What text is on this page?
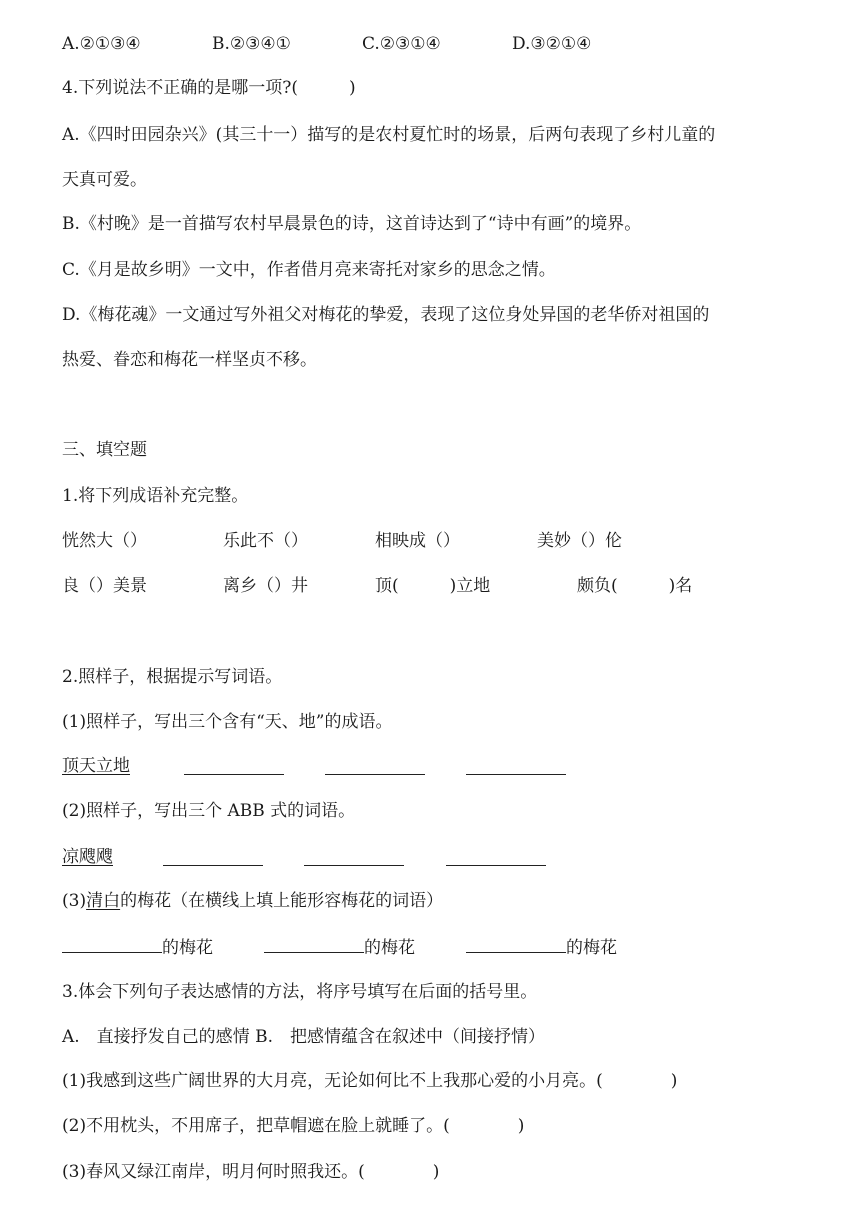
A.②①③④	B.②③④①	C.②③①④	D.③②①④
4.下列说法不正确的是哪一项?(　　　)
A.《四时田园杂兴》(其三十一）描写的是农村夏忙时的场景，后两句表现了乡村儿童的
天真可爱。
B.《村晚》是一首描写农村早晨景色的诗，这首诗达到了“诗中有画”的境界。
C.《月是故乡明》一文中，作者借月亮来寄托对家乡的思念之情。
D.《梅花魂》一文通过写外祖父对梅花的挚爱，表现了这位身处异国的老华侨对祖国的
热爱、眷恋和梅花一样坚贞不移。
三、填空题
1.将下列成语补充完整。
恍然大（）	乐此不（）	相映成（）	美妙（）伦
良（）美景	离乡（）井	顶(　　　)立地	颇负(　　　)名
2.照样子，根据提示写词语。
(1)照样子，写出三个含有“天、地”的成语。
顶天立地
(2)照样子，写出三个 ABB 式的词语。
凉飕飕
(3)清白的梅花（在横线上填上能形容梅花的词语）
的梅花	的梅花	的梅花
3.体会下列句子表达感情的方法，将序号填写在后面的括号里。
A.　直接抒发自己的感情 B.　把感情蕴含在叙述中（间接抒情）
(1)我感到这些广阔世界的大月亮，无论如何比不上我那心爱的小月亮。(　　　　)
(2)不用枕头，不用席子，把草帽遮在脸上就睡了。(　　　　)
(3)春风又绿江南岸，明月何时照我还。(　　　　)
